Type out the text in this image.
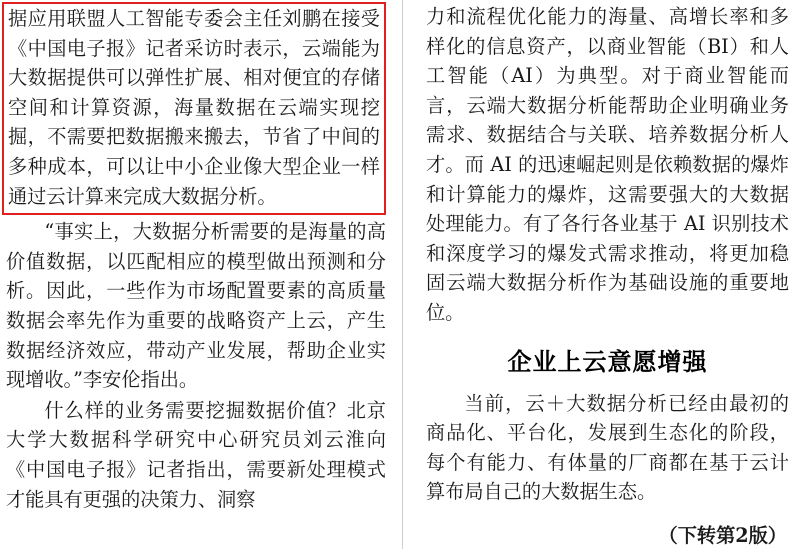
据应用联盟人工智能专委会主任刘鹏在接受《中国电子报》记者采访时表示，云端能为大数据提供可以弹性扩展、相对便宜的存储空间和计算资源，海量数据在云端实现挖掘，不需要把数据搬来搬去，节省了中间的多种成本，可以让中小企业像大型企业一样通过云计算来完成大数据分析。

“事实上，大数据分析需要的是海量的高价值数据，以匹配相应的模型做出预测和分析。因此，一些作为市场配置要素的高质量数据会率先作为重要的战略资产上云，产生数据经济效应，带动产业发展，帮助企业实现增收。”李安伦指出。

什么样的业务需要挖掘数据价值？北京大学大数据科学研究中心研究员刘云淮向《中国电子报》记者指出，需要新处理模式才能具有更强的决策力、洞察

力和流程优化能力的海量、高增长率和多样化的信息资产，以商业智能（BI）和人工智能（AI）为典型。对于商业智能而言，云端大数据分析能帮助企业明确业务需求、数据结合与关联、培养数据分析人才。而 AI 的迅速崛起则是依赖数据的爆炸和计算能力的爆炸，这需要强大的大数据处理能力。有了各行各业基于 AI 识别技术和深度学习的爆发式需求推动，将更加稳固云端大数据分析作为基础设施的重要地位。

企业上云意愿增强

当前，云＋大数据分析已经由最初的商品化、平台化，发展到生态化的阶段，每个有能力、有体量的厂商都在基于云计算布局自己的大数据生态。

（下转第2版）
